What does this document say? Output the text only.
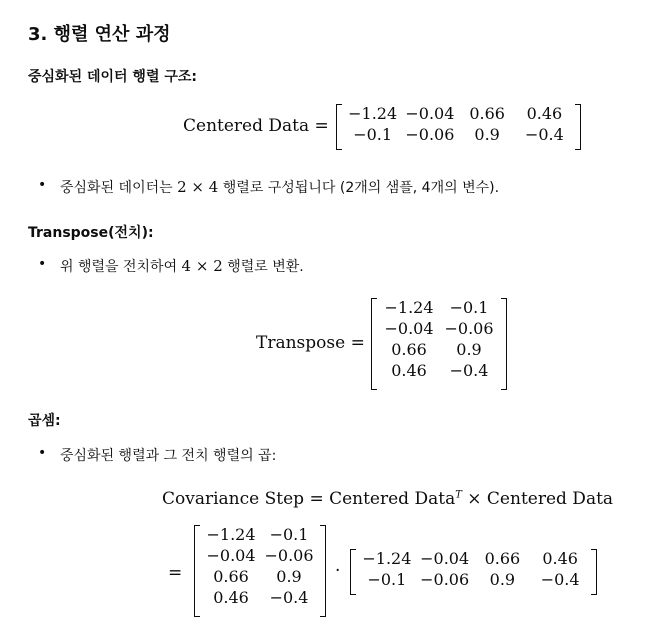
3. 행렬 연산 과정
중심화된 데이터 행렬 구조:
Centered Data =
−1.24 −0.04 0.66	0.46
−0.1 −0.06	0.9	−0.4
• 중심화된 데이터는 2 × 4 행렬로 구성됩니다 (2개의 샘플, 4개의 변수).
Transpose(전치):
• 위 행렬을 전치하여 4 × 2 행렬로 변환.
Transpose =
−1.24	−0.1
−0.04 −0.06
0.66	0.9
0.46	−0.4
곱셈:
• 중심화된 행렬과 그 전치 행렬의 곱:
Covariance Step = Centered Data$^T$ × Centered Data
=
−1.24 −0.1
−0.04 −0.06
0.66	0.9
0.46	−0.4
·
−1.24 −0.04 0.66	0.46
−0.1 −0.06	0.9	−0.4
